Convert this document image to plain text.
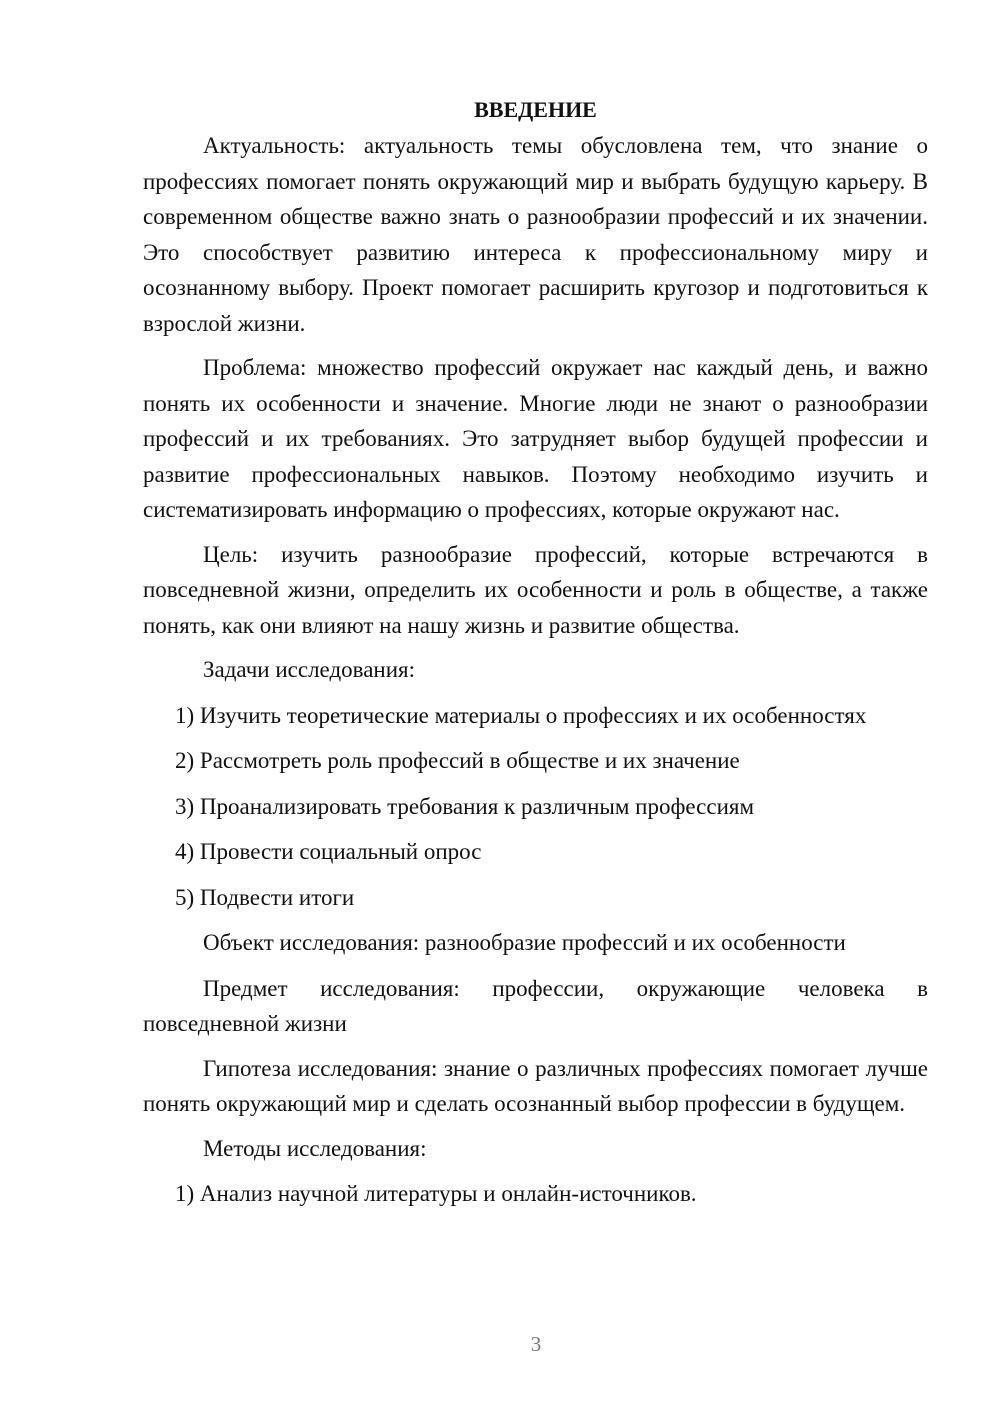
ВВЕДЕНИЕ

Актуальность: актуальность темы обусловлена тем, что знание о профессиях помогает понять окружающий мир и выбрать будущую карьеру. В современном обществе важно знать о разнообразии профессий и их значении. Это способствует развитию интереса к профессиональному миру и осознанному выбору. Проект помогает расширить кругозор и подготовиться к взрослой жизни.

Проблема: множество профессий окружает нас каждый день, и важно понять их особенности и значение. Многие люди не знают о разнообразии профессий и их требованиях. Это затрудняет выбор будущей профессии и развитие профессиональных навыков. Поэтому необходимо изучить и систематизировать информацию о профессиях, которые окружают нас.

Цель: изучить разнообразие профессий, которые встречаются в повседневной жизни, определить их особенности и роль в обществе, а также понять, как они влияют на нашу жизнь и развитие общества.

Задачи исследования:

1) Изучить теоретические материалы о профессиях и их особенностях
2) Рассмотреть роль профессий в обществе и их значение
3) Проанализировать требования к различным профессиям
4) Провести социальный опрос
5) Подвести итоги

Объект исследования: разнообразие профессий и их особенности

Предмет исследования: профессии, окружающие человека в повседневной жизни

Гипотеза исследования: знание о различных профессиях помогает лучше понять окружающий мир и сделать осознанный выбор профессии в будущем.

Методы исследования:

1) Анализ научной литературы и онлайн-источников.
3
